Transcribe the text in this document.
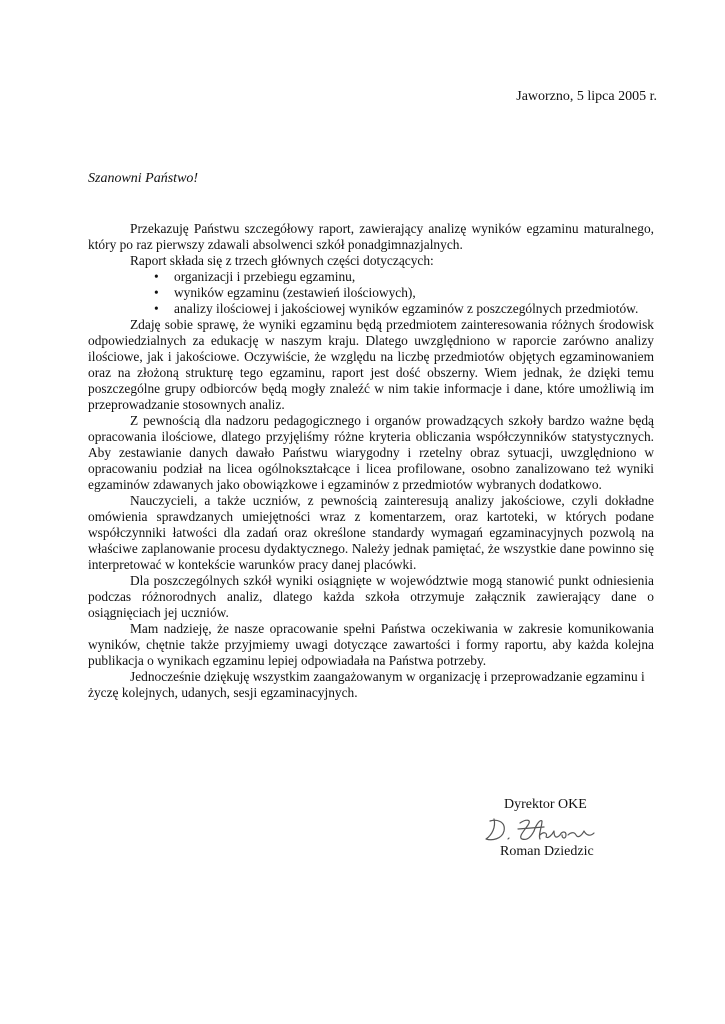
Jaworzno, 5 lipca 2005 r.
Szanowni Państwo!

Przekazuję Państwu szczegółowy raport, zawierający analizę wyników egzaminu maturalnego, który po raz pierwszy zdawali absolwenci szkół ponadgimnazjalnych.

Raport składa się z trzech głównych części dotyczących:

• organizacji i przebiegu egzaminu,
• wyników egzaminu (zestawień ilościowych),
• analizy ilościowej i jakościowej wyników egzaminów z poszczególnych przedmiotów.

Zdaję sobie sprawę, że wyniki egzaminu będą przedmiotem zainteresowania różnych środowisk odpowiedzialnych za edukację w naszym kraju. Dlatego uwzględniono w raporcie zarówno analizy ilościowe, jak i jakościowe. Oczywiście, że względu na liczbę przedmiotów objętych egzaminowaniem oraz na złożoną strukturę tego egzaminu, raport jest dość obszerny. Wiem jednak, że dzięki temu poszczególne grupy odbiorców będą mogły znaleźć w nim takie informacje i dane, które umożliwią im przeprowadzanie stosownych analiz.

Z pewnością dla nadzoru pedagogicznego i organów prowadzących szkoły bardzo ważne będą opracowania ilościowe, dlatego przyjęliśmy różne kryteria obliczania współczynników statystycznych. Aby zestawianie danych dawało Państwu wiarygodny i rzetelny obraz sytuacji, uwzględniono w opracowaniu podział na licea ogólnokształcące i licea profilowane, osobno zanalizowano też wyniki egzaminów zdawanych jako obowiązkowe i egzaminów z przedmiotów wybranych dodatkowo.

Nauczycieli, a także uczniów, z pewnością zainteresują analizy jakościowe, czyli dokładne omówienia sprawdzanych umiejętności wraz z komentarzem, oraz kartoteki, w których podane współczynniki łatwości dla zadań oraz określone standardy wymagań egzaminacyjnych pozwolą na właściwe zaplanowanie procesu dydaktycznego. Należy jednak pamiętać, że wszystkie dane powinno się interpretować w kontekście warunków pracy danej placówki.

Dla poszczególnych szkół wyniki osiągnięte w województwie mogą stanowić punkt odniesienia podczas różnorodnych analiz, dlatego każda szkoła otrzymuje załącznik zawierający dane o osiągnięciach jej uczniów.

Mam nadzieję, że nasze opracowanie spełni Państwa oczekiwania w zakresie komunikowania wyników, chętnie także przyjmiemy uwagi dotyczące zawartości i formy raportu, aby każda kolejna publikacja o wynikach egzaminu lepiej odpowiadała na Państwa potrzeby.

Jednocześnie dziękuję wszystkim zaangażowanym w organizację i przeprowadzanie egzaminu i życzę kolejnych, udanych, sesji egzaminacyjnych.

Dyrektor OKE
Roman Dziedzic
